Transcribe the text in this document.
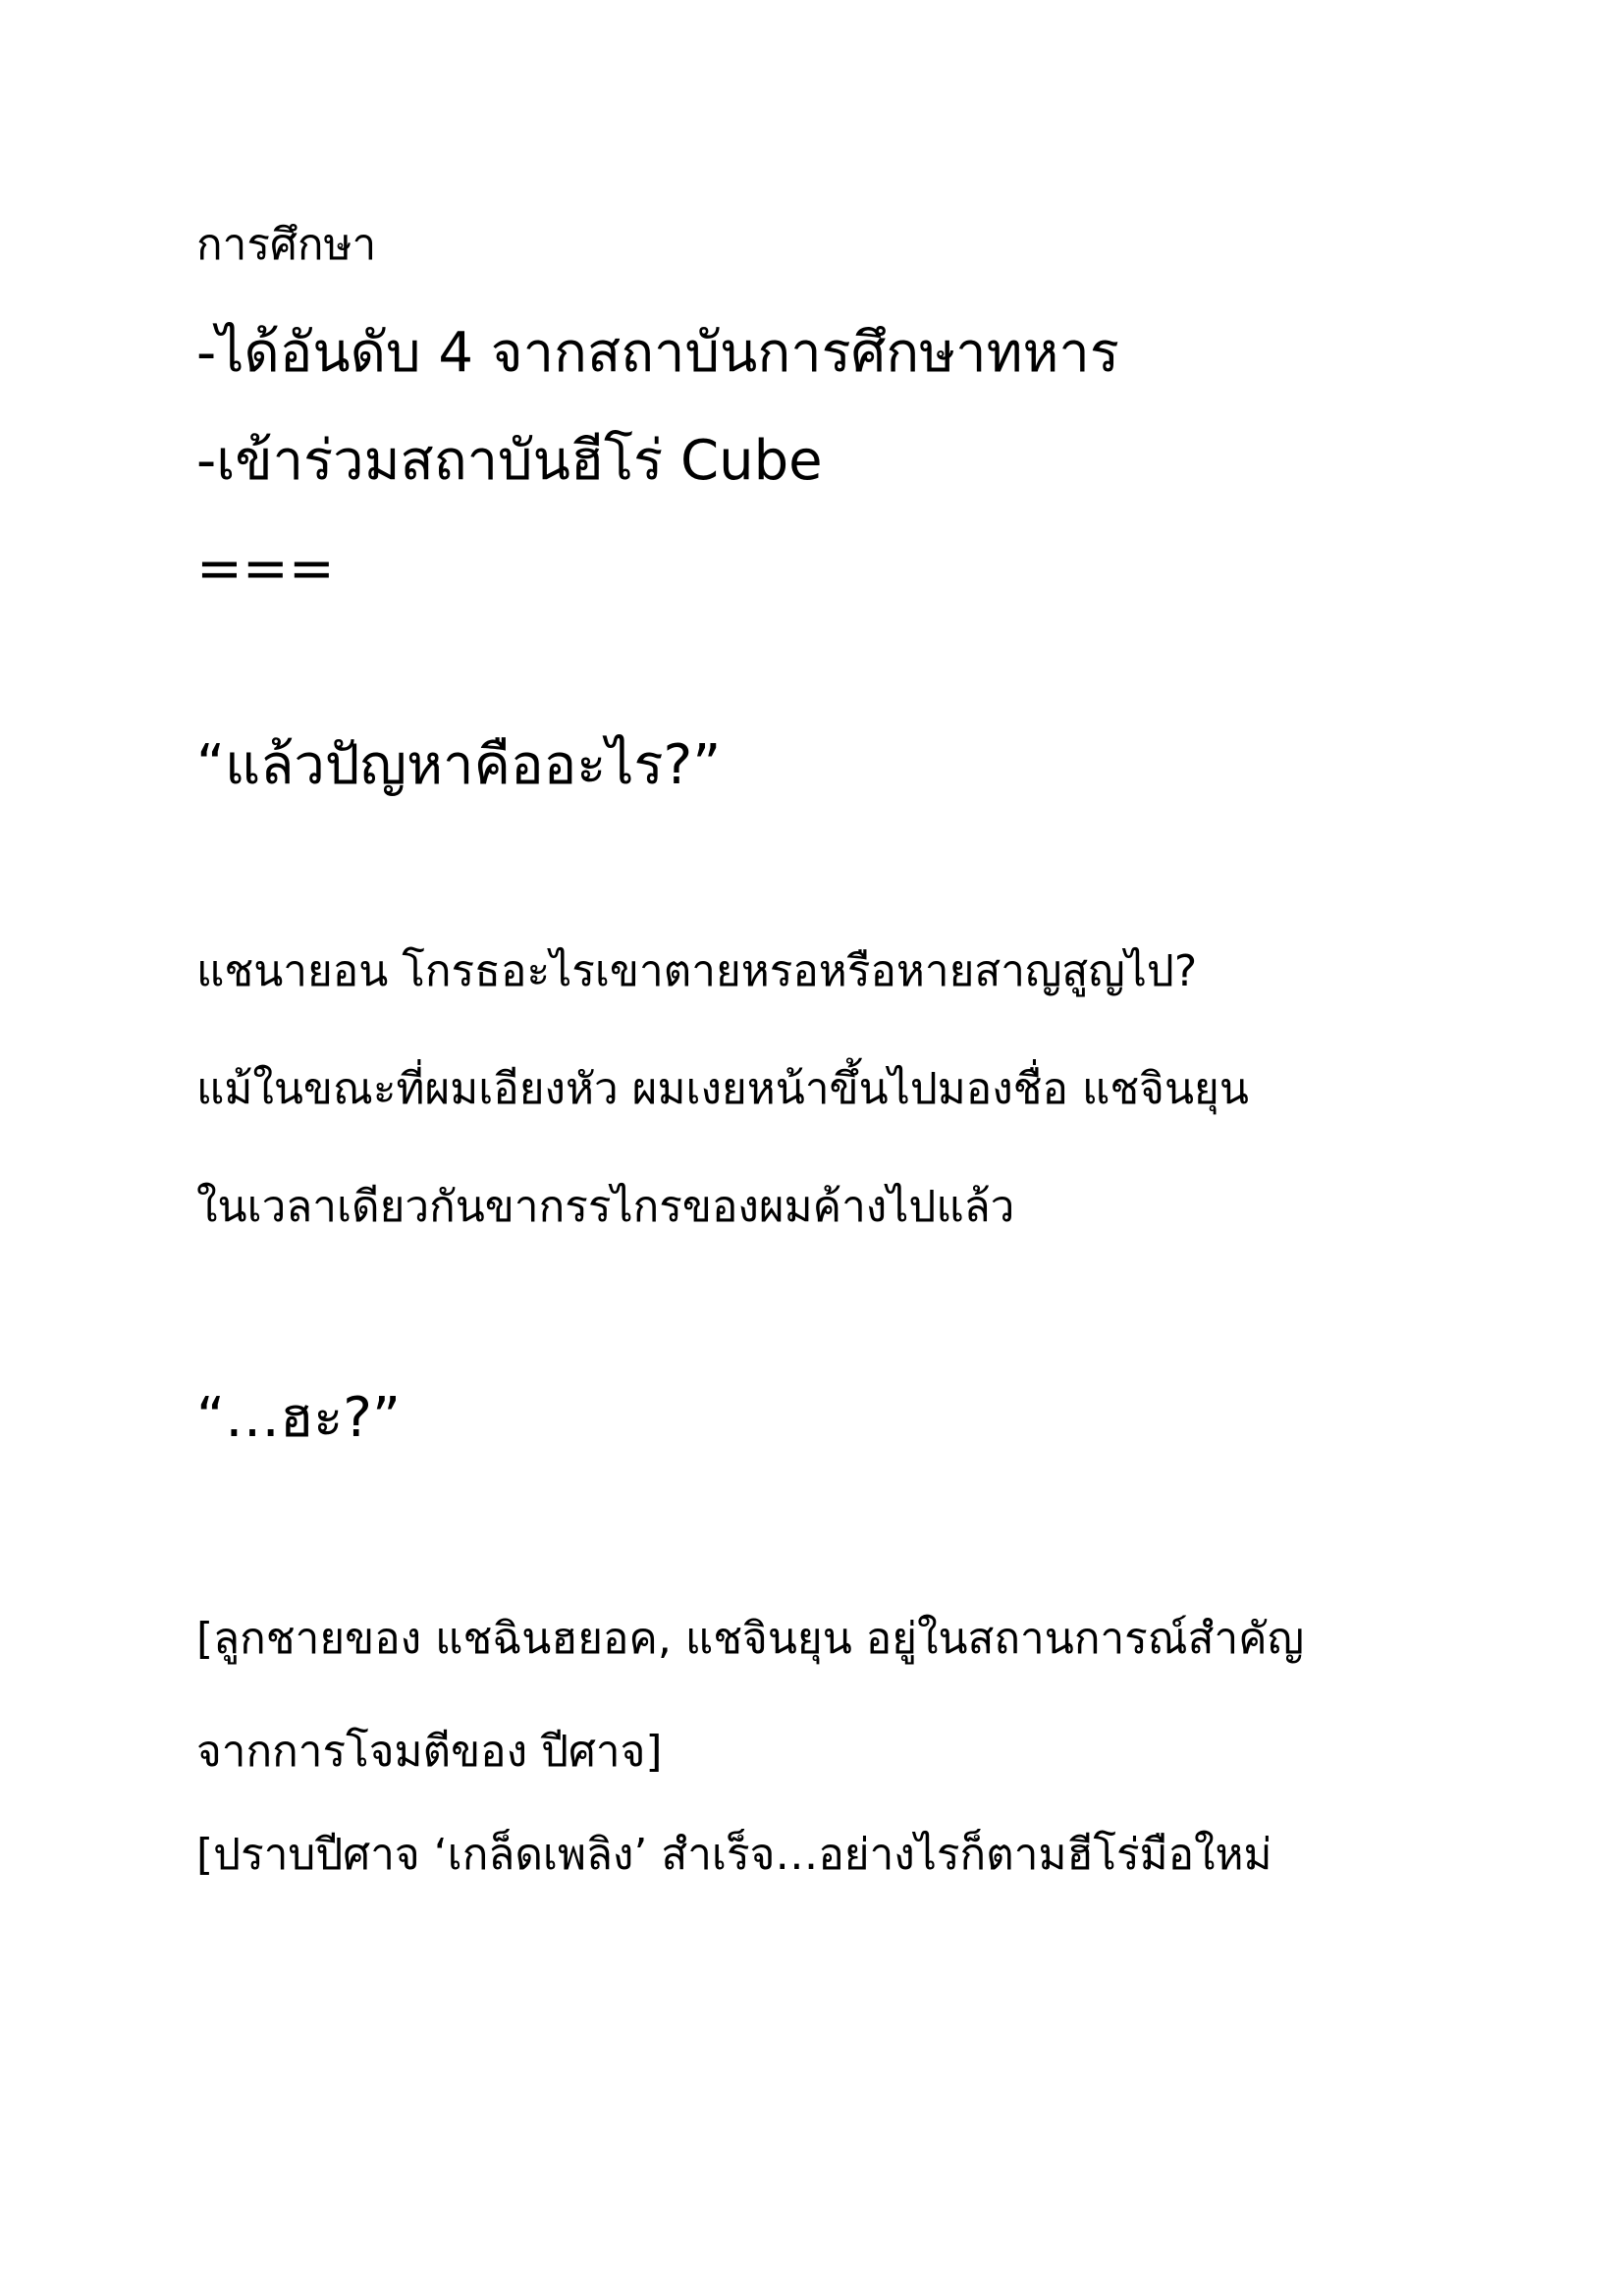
การศึกษา

-ได้อันดับ 4 จากสถาบันการศึกษาทหาร

-เข้าร่วมสถาบันฮีโร่ Cube

===

“แล้วปัญหาคืออะไร?”

แชนายอน โกรธอะไรเขาตายหรอหรือหายสาญสูญไป?

แม้ในขณะที่ผมเอียงหัว ผมเงยหน้าขึ้นไปมองชื่อ แชจินยุน

ในเวลาเดียวกันขากรรไกรของผมค้างไปแล้ว

“…ฮะ?”

[ลูกชายของ แชฉินฮยอค, แชจินยุน อยู่ในสถานการณ์สำคัญ

จากการโจมตีของ ปีศาจ]

[ปราบปีศาจ ‘เกล็ดเพลิง’ สำเร็จ…อย่างไรก็ตามฮีโร่มือใหม่
